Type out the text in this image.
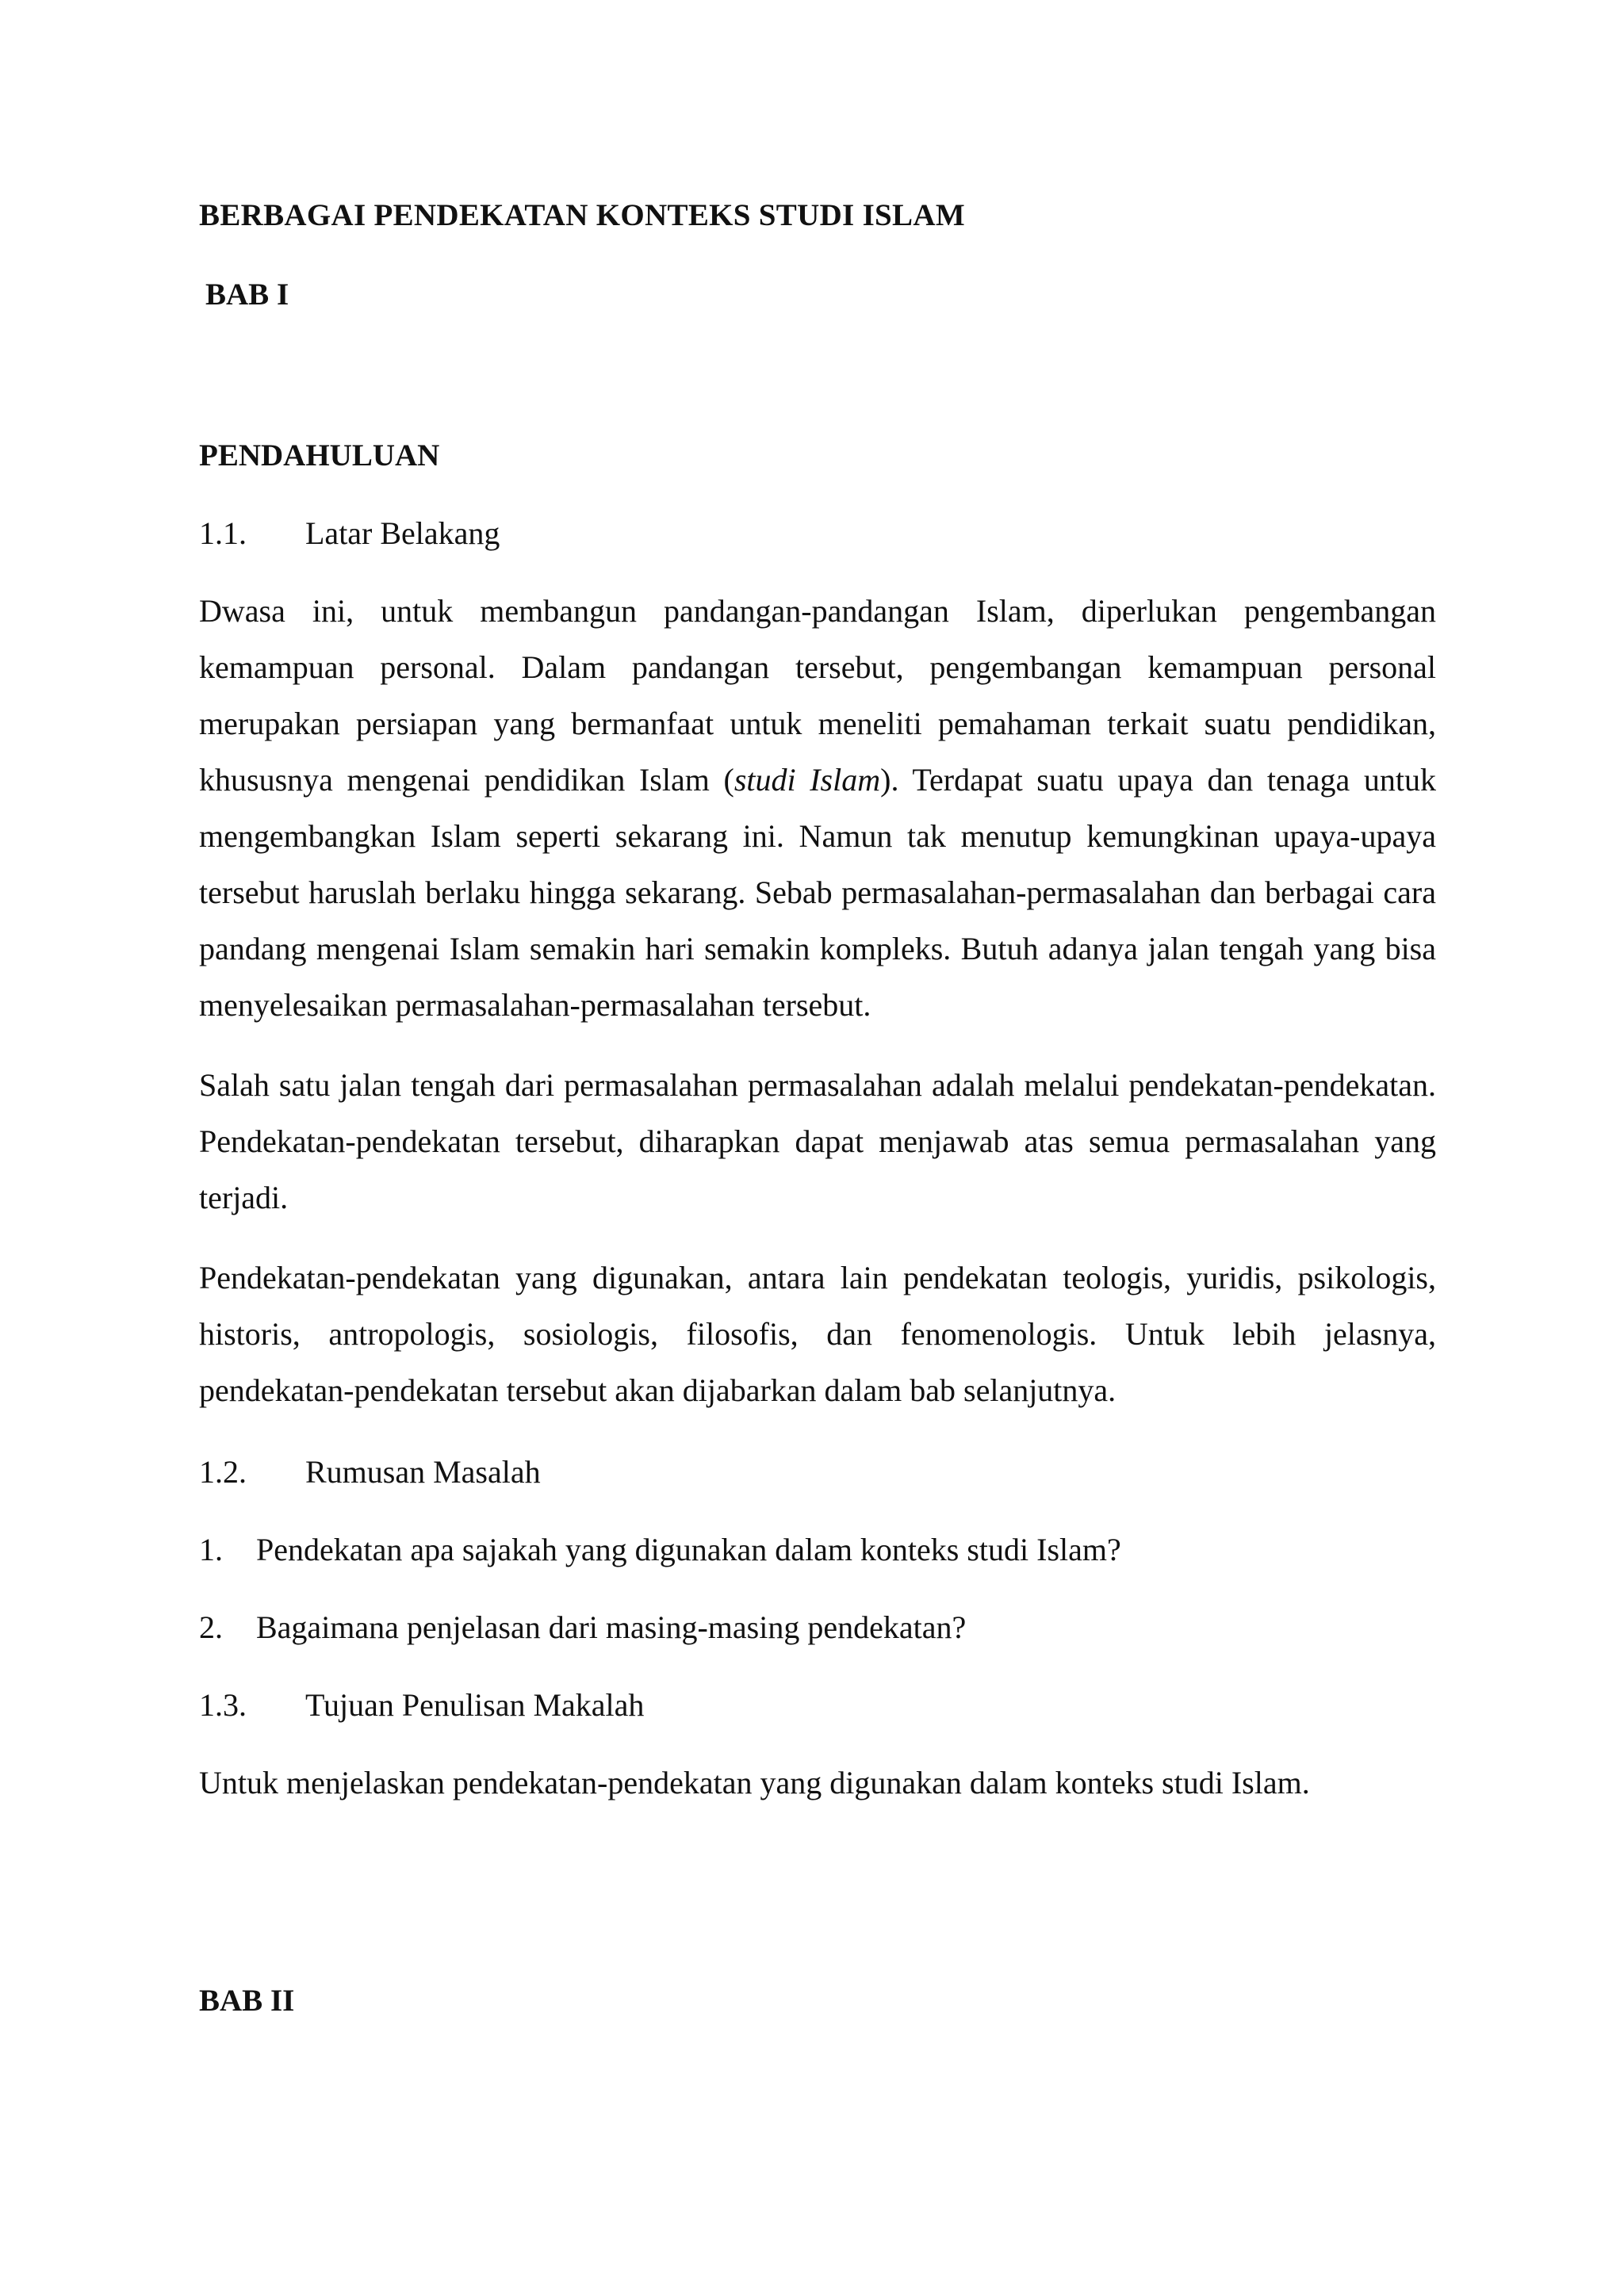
BERBAGAI PENDEKATAN KONTEKS STUDI ISLAM
BAB I
PENDAHULUAN
1.1.	Latar Belakang

Dwasa ini, untuk membangun pandangan-pandangan Islam, diperlukan pengembangan kemampuan personal. Dalam pandangan tersebut, pengembangan kemampuan personal merupakan persiapan yang bermanfaat untuk meneliti pemahaman terkait suatu pendidikan, khususnya mengenai pendidikan Islam (studi Islam). Terdapat suatu upaya dan tenaga untuk mengembangkan Islam seperti sekarang ini. Namun tak menutup kemungkinan upaya-upaya tersebut haruslah berlaku hingga sekarang. Sebab permasalahan-permasalahan dan berbagai cara pandang mengenai Islam semakin hari semakin kompleks. Butuh adanya jalan tengah yang bisa menyelesaikan permasalahan-permasalahan tersebut.

Salah satu jalan tengah dari permasalahan permasalahan adalah melalui pendekatan-pendekatan. Pendekatan-pendekatan tersebut, diharapkan dapat menjawab atas semua permasalahan yang terjadi.

Pendekatan-pendekatan yang digunakan, antara lain pendekatan teologis, yuridis, psikologis, historis, antropologis, sosiologis, filosofis, dan fenomenologis. Untuk lebih jelasnya, pendekatan-pendekatan tersebut akan dijabarkan dalam bab selanjutnya.

1.2.	Rumusan Masalah
1.	Pendekatan apa sajakah yang digunakan dalam konteks studi Islam?
2.	Bagaimana penjelasan dari masing-masing pendekatan?
1.3.	Tujuan Penulisan Makalah

Untuk menjelaskan pendekatan-pendekatan yang digunakan dalam konteks studi Islam.

BAB II
